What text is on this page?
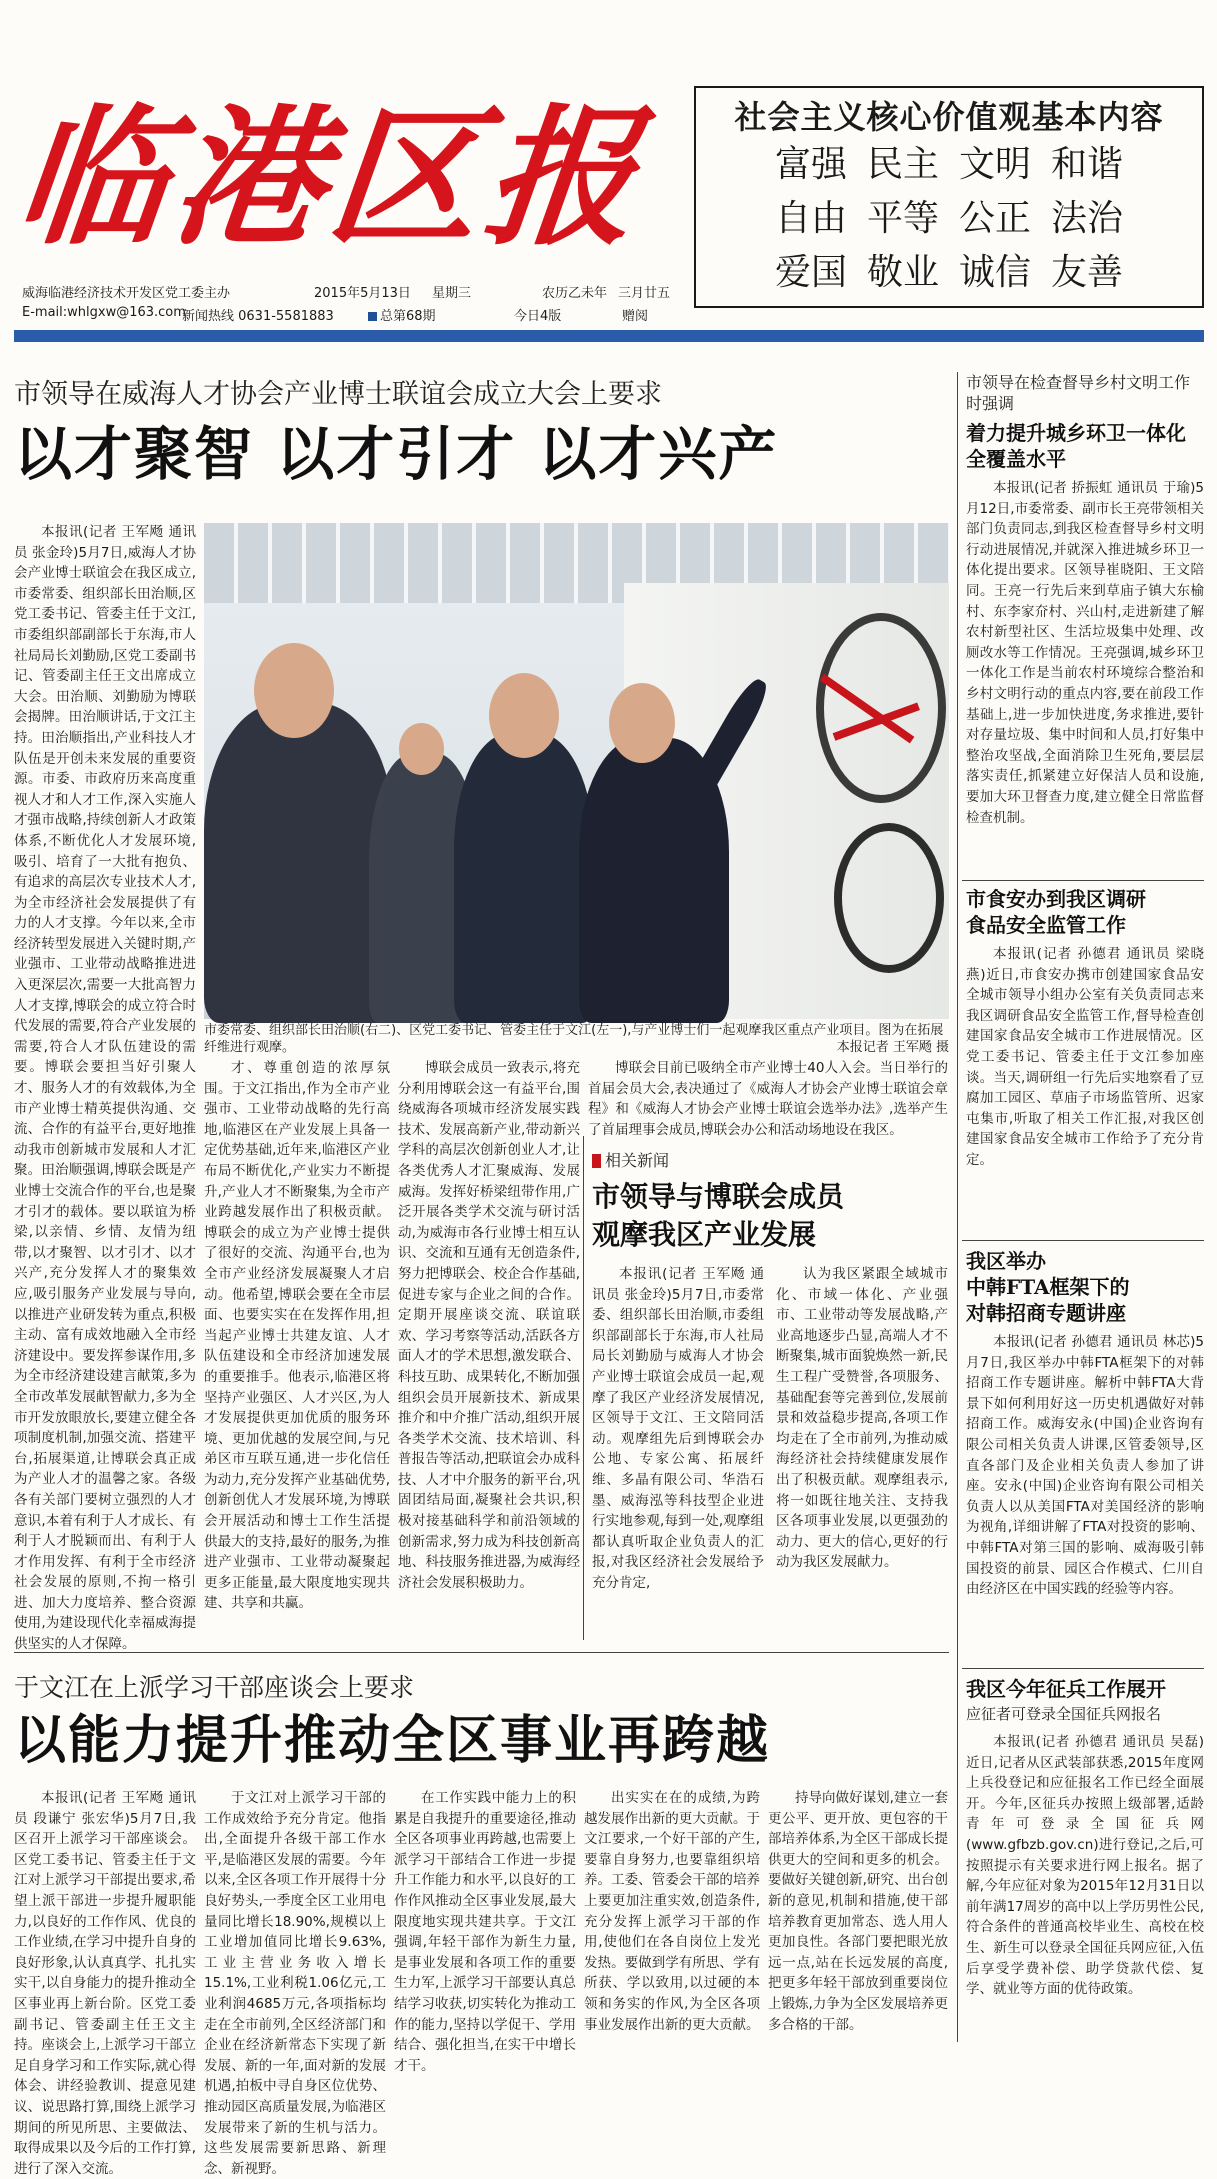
临港区报
威海临港经济技术开发区党工委主办	2015年5月13日 星期三	农历乙未年 三月廿五
E-mail:whlgxw@163.com
新闻热线 0631-5581883	总第68期	今日4版	赠阅
社会主义核心价值观基本内容
富强 民主 文明 和谐
自由 平等 公正 法治
爱国 敬业 诚信 友善
市领导在威海人才协会产业博士联谊会成立大会上要求
以才聚智 以才引才 以才兴产

本报讯(记者 王军飏 通讯员 张金玲)5月7日,威海人才协会产业博士联谊会在我区成立,市委常委、组织部长田治顺,区党工委书记、管委主任于文江,市委组织部副部长于东海,市人社局局长刘勤励,区党工委副书记、管委副主任王文出席成立大会。田治顺、刘勤励为博联会揭牌。田治顺讲话,于文江主持。田治顺指出,产业科技人才队伍是开创未来发展的重要资源。市委、市政府历来高度重视人才和人才工作,深入实施人才强市战略,持续创新人才政策体系,不断优化人才发展环境,吸引、培育了一大批有抱负、有追求的高层次专业技术人才,为全市经济社会发展提供了有力的人才支撑。今年以来,全市经济转型发展进入关键时期,产业强市、工业带动战略推进进入更深层次,需要一大批高智力人才支撑,博联会的成立符合时代发展的需要,符合产业发展的需要,符合人才队伍建设的需要。博联会要担当好引聚人才、服务人才的有效载体,为全市产业博士精英提供沟通、交流、合作的有益平台,更好地推动我市创新城市发展和人才汇聚。田治顺强调,博联会既是产业博士交流合作的平台,也是聚才引才的载体。要以联谊为桥梁,以亲情、乡情、友情为纽带,以才聚智、以才引才、以才兴产,充分发挥人才的聚集效应,吸引服务产业发展与导向,以推进产业研发转为重点,积极主动、富有成效地融入全市经济建设中。要发挥参谋作用,多为全市经济建设建言献策,多为全市改革发展献智献力,多为全市开发放眼放长,要建立健全各项制度机制,加强交流、搭建平台,拓展渠道,让博联会真正成为产业人才的温馨之家。各级各有关部门要树立强烈的人才意识,本着有利于人才成长、有利于人才脱颖而出、有利于人才作用发挥、有利于全市经济社会发展的原则,不拘一格引进、加大力度培养、整合资源使用,为建设现代化幸福威海提供坚实的人才保障。

市委常委、组织部长田治顺(右二)、区党工委书记、管委主任于文江(左一),与产业博士们一起观摩我区重点产业项目。图为在拓展纤维进行观摩。	本报记者 王军飏 摄

才、尊重创造的浓厚氛围。于文江指出,作为全市产业强市、工业带动战略的先行高地,临港区在产业发展上具备一定优势基础,近年来,临港区产业布局不断优化,产业实力不断提升,产业人才不断聚集,为全市产业跨越发展作出了积极贡献。博联会的成立为产业博士提供了很好的交流、沟通平台,也为全市产业经济发展凝聚人才启动。他希望,博联会要在全市层面、也要实实在在发挥作用,担当起产业博士共建友谊、人才队伍建设和全市经济加速发展的重要推手。他表示,临港区将坚持产业强区、人才兴区,为人才发展提供更加优质的服务环境、更加优越的发展空间,与兄弟区市互联互通,进一步化信任为动力,充分发挥产业基础优势,创新创优人才发展环境,为博联会开展活动和博士工作生活提供最大的支持,最好的服务,为推进产业强市、工业带动凝聚起更多正能量,最大限度地实现共建、共享和共赢。

博联会成员一致表示,将充分利用博联会这一有益平台,围绕威海各项城市经济发展实践技术、发展高新产业,带动新兴学科的高层次创新创业人才,让各类优秀人才汇聚威海、发展威海。发挥好桥梁纽带作用,广泛开展各类学术交流与研讨活动,为威海市各行业博士相互认识、交流和互通有无创造条件,努力把博联会、校企合作基础,促进专家与企业之间的合作。定期开展座谈交流、联谊联欢、学习考察等活动,活跃各方面人才的学术思想,激发联合、科技互助、成果转化,不断加强组织会员开展新技术、新成果推介和中介推广活动,组织开展各类学术交流、技术培训、科普报告等活动,把联谊会办成科技、人才中介服务的新平台,巩固团结局面,凝聚社会共识,积极对接基础科学和前沿领域的创新需求,努力成为科技创新高地、科技服务推进器,为威海经济社会发展积极助力。

博联会目前已吸纳全市产业博士40人入会。当日举行的首届会员大会,表决通过了《威海人才协会产业博士联谊会章程》和《威海人才协会产业博士联谊会选举办法》,选举产生了首届理事会成员,博联会办公和活动场地设在我区。

相关新闻
市领导与博联会成员
观摩我区产业发展

本报讯(记者 王军飏 通讯员 张金玲)5月7日,市委常委、组织部长田治顺,市委组织部副部长于东海,市人社局局长刘勤励与威海人才协会产业博士联谊会成员一起,观摩了我区产业经济发展情况,区领导于文江、王文陪同活动。观摩组先后到博联会办公地、专家公寓、拓展纤维、多晶有限公司、华浩石墨、威海泓等科技型企业进行实地参观,每到一处,观摩组都认真听取企业负责人的汇报,对我区经济社会发展给予充分肯定,

认为我区紧跟全域城市化、市域一体化、产业强市、工业带动等发展战略,产业高地逐步凸显,高端人才不断聚集,城市面貌焕然一新,民生工程广受赞誉,各项服务、基础配套等完善到位,发展前景和效益稳步提高,各项工作均走在了全市前列,为推动威海经济社会持续健康发展作出了积极贡献。观摩组表示,将一如既往地关注、支持我区各项事业发展,以更强劲的动力、更大的信心,更好的行动为我区发展献力。

于文江在上派学习干部座谈会上要求
以能力提升推动全区事业再跨越

本报讯(记者 王军飏 通讯员 段谦宁 张宏华)5月7日,我区召开上派学习干部座谈会。区党工委书记、管委主任于文江对上派学习干部提出要求,希望上派干部进一步提升履职能力,以良好的工作作风、优良的工作业绩,在学习中提升自身的良好形象,认认真真学、扎扎实实干,以自身能力的提升推动全区事业再上新台阶。区党工委副书记、管委副主任王文主持。座谈会上,上派学习干部立足自身学习和工作实际,就心得体会、讲经验教训、提意见建议、说思路打算,围绕上派学习期间的所见所思、主要做法、取得成果以及今后的工作打算,进行了深入交流。

于文江对上派学习干部的工作成效给予充分肯定。他指出,全面提升各级干部工作水平,是临港区发展的需要。今年以来,全区各项工作开展得十分良好势头,一季度全区工业用电量同比增长18.90%,规模以上工业增加值同比增长9.63%,工业主营业务收入增长15.1%,工业利税1.06亿元,工业利润4685万元,各项指标均走在全市前列,全区经济部门和企业在经济新常态下实现了新发展、新的一年,面对新的发展机遇,拍板中寻自身区位优势、推动园区高质量发展,为临港区发展带来了新的生机与活力。这些发展需要新思路、新理念、新视野。

在工作实践中能力上的积累是自我提升的重要途径,推动全区各项事业再跨越,也需要上派学习干部结合工作进一步提升工作能力和水平,以良好的工作作风推动全区事业发展,最大限度地实现共建共享。于文江强调,年轻干部作为新生力量,是事业发展和各项工作的重要生力军,上派学习干部要认真总结学习收获,切实转化为推动工作的能力,坚持以学促干、学用结合、强化担当,在实干中增长才干。

出实实在在的成绩,为跨越发展作出新的更大贡献。于文江要求,一个好干部的产生,要靠自身努力,也要靠组织培养。工委、管委会干部的培养上要更加注重实效,创造条件,充分发挥上派学习干部的作用,使他们在各自岗位上发光发热。要做到学有所思、学有所获、学以致用,以过硬的本领和务实的作风,为全区各项事业发展作出新的更大贡献。

持导向做好谋划,建立一套更公平、更开放、更包容的干部培养体系,为全区干部成长提供更大的空间和更多的机会。要做好关键创新,研究、出台创新的意见,机制和措施,使干部培养教育更加常态、选人用人更加良性。各部门要把眼光放远一点,站在长远发展的高度,把更多年轻干部放到重要岗位上锻炼,力争为全区发展培养更多合格的干部。

市领导在检查督导乡村文明工作时强调
着力提升城乡环卫一体化
全覆盖水平

本报讯(记者 挢振虹 通讯员 于瑜)5月12日,市委常委、副市长王亮带领相关部门负责同志,到我区检查督导乡村文明行动进展情况,并就深入推进城乡环卫一体化提出要求。区领导崔晓阳、王文陪同。王亮一行先后来到草庙子镇大东榆村、东李家夼村、兴山村,走进新建了解农村新型社区、生活垃圾集中处理、改厕改水等工作情况。王亮强调,城乡环卫一体化工作是当前农村环境综合整治和乡村文明行动的重点内容,要在前段工作基础上,进一步加快进度,务求推进,要针对存量垃圾、集中时间和人员,打好集中整治攻坚战,全面消除卫生死角,要层层落实责任,抓紧建立好保洁人员和设施,要加大环卫督查力度,建立健全日常监督检查机制。

市食安办到我区调研
食品安全监管工作

本报讯(记者 孙德君 通讯员 梁晓燕)近日,市食安办携市创建国家食品安全城市领导小组办公室有关负责同志来我区调研食品安全监管工作,督导检查创建国家食品安全城市工作进展情况。区党工委书记、管委主任于文江参加座谈。当天,调研组一行先后实地察看了豆腐加工园区、草庙子市场监管所、迟家屯集市,听取了相关工作汇报,对我区创建国家食品安全城市工作给予了充分肯定。

我区举办
中韩FTA框架下的
对韩招商专题讲座

本报讯(记者 孙德君 通讯员 林芯)5月7日,我区举办中韩FTA框架下的对韩招商工作专题讲座。解析中韩FTA大背景下如何利用好这一历史机遇做好对韩招商工作。威海安永(中国)企业咨询有限公司相关负责人讲课,区管委领导,区直各部门及企业相关负责人参加了讲座。安永(中国)企业咨询有限公司相关负责人以从美国FTA对美国经济的影响为视角,详细讲解了FTA对投资的影响、中韩FTA对第三国的影响、威海吸引韩国投资的前景、园区合作模式、仁川自由经济区在中国实践的经验等内容。

我区今年征兵工作展开
应征者可登录全国征兵网报名

本报讯(记者 孙德君 通讯员 吴磊)近日,记者从区武装部获悉,2015年度网上兵役登记和应征报名工作已经全面展开。今年,区征兵办按照上级部署,适龄青年可登录全国征兵网(www.gfbzb.gov.cn)进行登记,之后,可按照提示有关要求进行网上报名。据了解,今年应征对象为2015年12月31日以前年满17周岁的高中以上学历男性公民,符合条件的普通高校毕业生、高校在校生、新生可以登录全国征兵网应征,入伍后享受学费补偿、助学贷款代偿、复学、就业等方面的优待政策。
